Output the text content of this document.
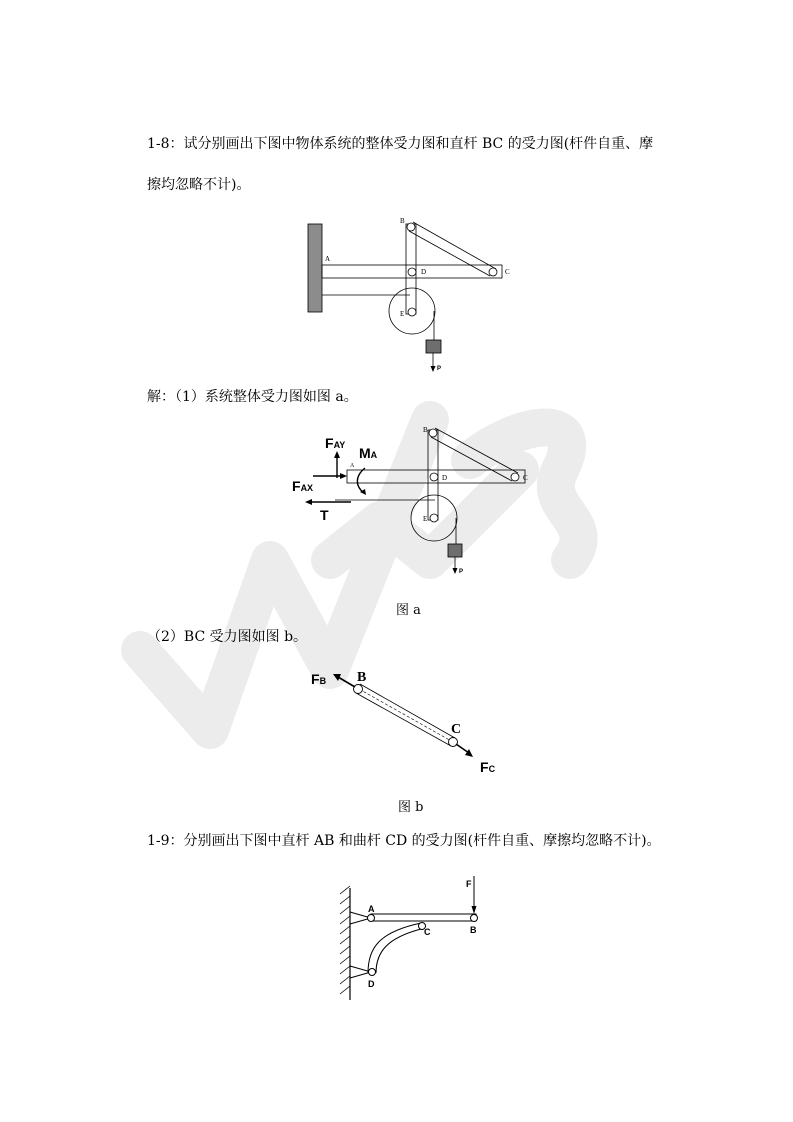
1-8：试分别画出下图中物体系统的整体受力图和直杆 BC 的受力图(杆件自重、摩
擦均忽略不计)。
B
A
D	C
E
P
解：（1）系统整体受力图如图 a。
B
A
D	C
E
P
FAY MA
FAX
T
图 a
（2）BC 受力图如图 b。
FB B
C
FC
图 b
1-9：分别画出下图中直杆 AB 和曲杆 CD 的受力图(杆件自重、摩擦均忽略不计)。
F
A
B
C
D
